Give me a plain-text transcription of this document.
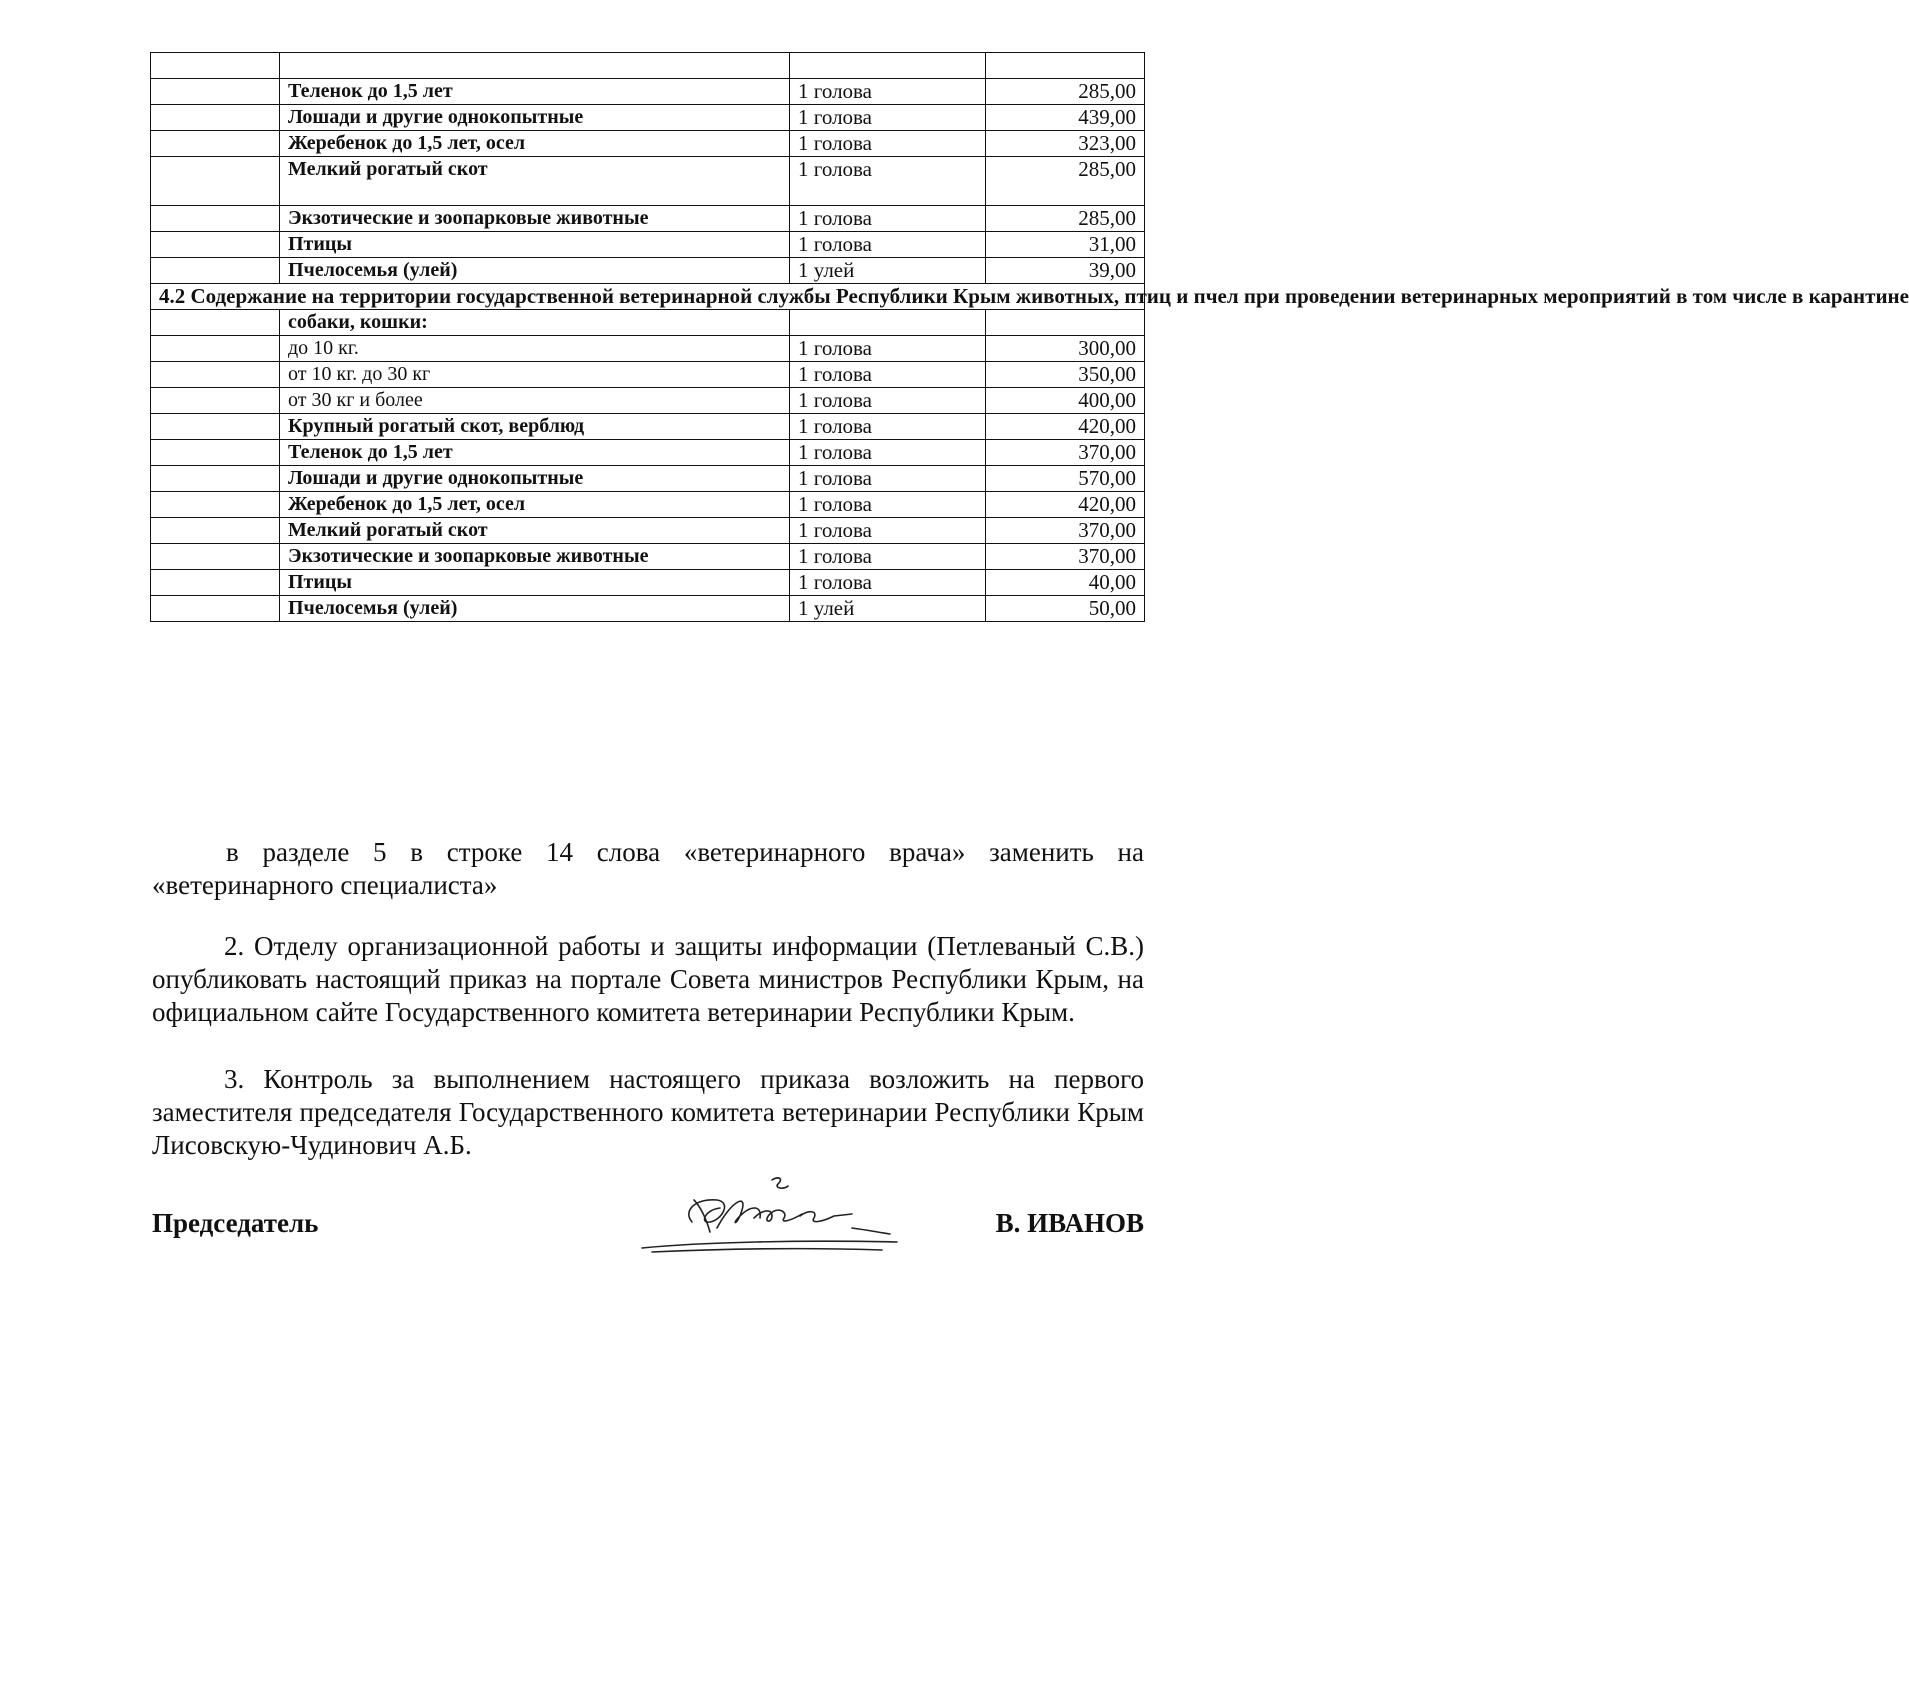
	Теленок до 1,5 лет	1 голова	285,00
	Лошади и другие однокопытные	1 голова	439,00
	Жеребенок до 1,5 лет, осел	1 голова	323,00
	Мелкий рогатый скот	1 голова	285,00
	Экзотические и зоопарковые животные	1 голова	285,00
	Птицы	1 голова	31,00
	Пчелосемья (улей)	1 улей	39,00
4.2 Содержание на территории государственной ветеринарной службы Республики Крым животных, птиц и пчел при проведении ветеринарных мероприятий в том числе в карантине			
	собаки, кошки:		
	до 10 кг.	1 голова	300,00
	от 10 кг. до 30 кг	1 голова	350,00
	от 30 кг и более	1 голова	400,00
	Крупный рогатый скот, верблюд	1 голова	420,00
	Теленок до 1,5 лет	1 голова	370,00
	Лошади и другие однокопытные	1 голова	570,00
	Жеребенок до 1,5 лет, осел	1 голова	420,00
	Мелкий рогатый скот	1 голова	370,00
	Экзотические и зоопарковые животные	1 голова	370,00
	Птицы	1 голова	40,00
	Пчелосемья (улей)	1 улей	50,00
в разделе 5 в строке 14 слова «ветеринарного врача» заменить на «ветеринарного специалиста»
2. Отделу организационной работы и защиты информации (Петлеваный С.В.) опубликовать настоящий приказ на портале Совета министров Республики Крым, на официальном сайте Государственного комитета ветеринарии Республики Крым.
3. Контроль за выполнением настоящего приказа возложить на первого заместителя председателя Государственного комитета ветеринарии Республики Крым Лисовскую-Чудинович А.Б.
Председатель	В. ИВАНОВ
